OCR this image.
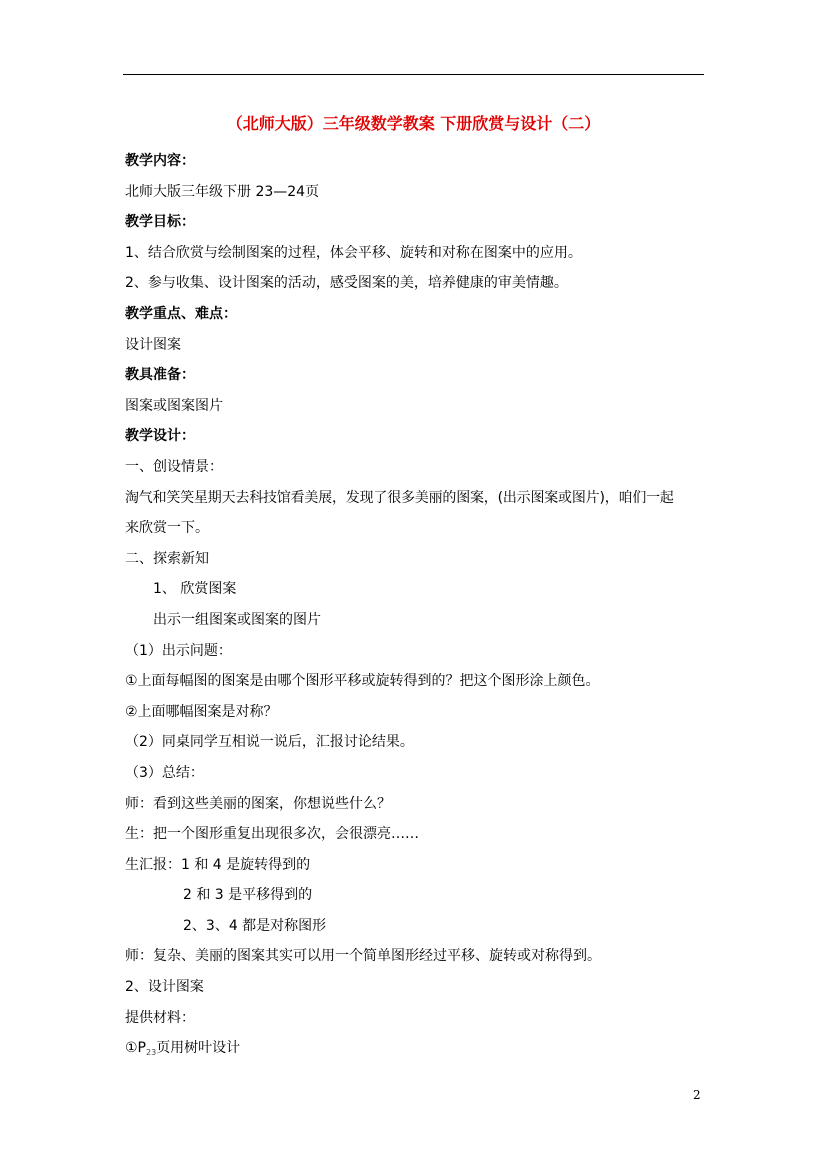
（北师大版）三年级数学教案 下册欣赏与设计（二）
教学内容：
北师大版三年级下册 23—24页
教学目标：
1、结合欣赏与绘制图案的过程，体会平移、旋转和对称在图案中的应用。
2、参与收集、设计图案的活动，感受图案的美，培养健康的审美情趣。
教学重点、难点：
设计图案
教具准备：
图案或图案图片
教学设计：
一、创设情景：
淘气和笑笑星期天去科技馆看美展，发现了很多美丽的图案，(出示图案或图片)，咱们一起
来欣赏一下。
二、探索新知
1、 欣赏图案
出示一组图案或图案的图片
（1）出示问题：
①上面每幅图的图案是由哪个图形平移或旋转得到的？把这个图形涂上颜色。
②上面哪幅图案是对称？
（2）同桌同学互相说一说后，汇报讨论结果。
（3）总结：
师：看到这些美丽的图案，你想说些什么？
生：把一个图形重复出现很多次，会很漂亮……
生汇报：1 和 4 是旋转得到的
2 和 3 是平移得到的
2、3、4 都是对称图形
师：复杂、美丽的图案其实可以用一个简单图形经过平移、旋转或对称得到。
2、设计图案
提供材料：
$①P_{23}$页用树叶设计
2
